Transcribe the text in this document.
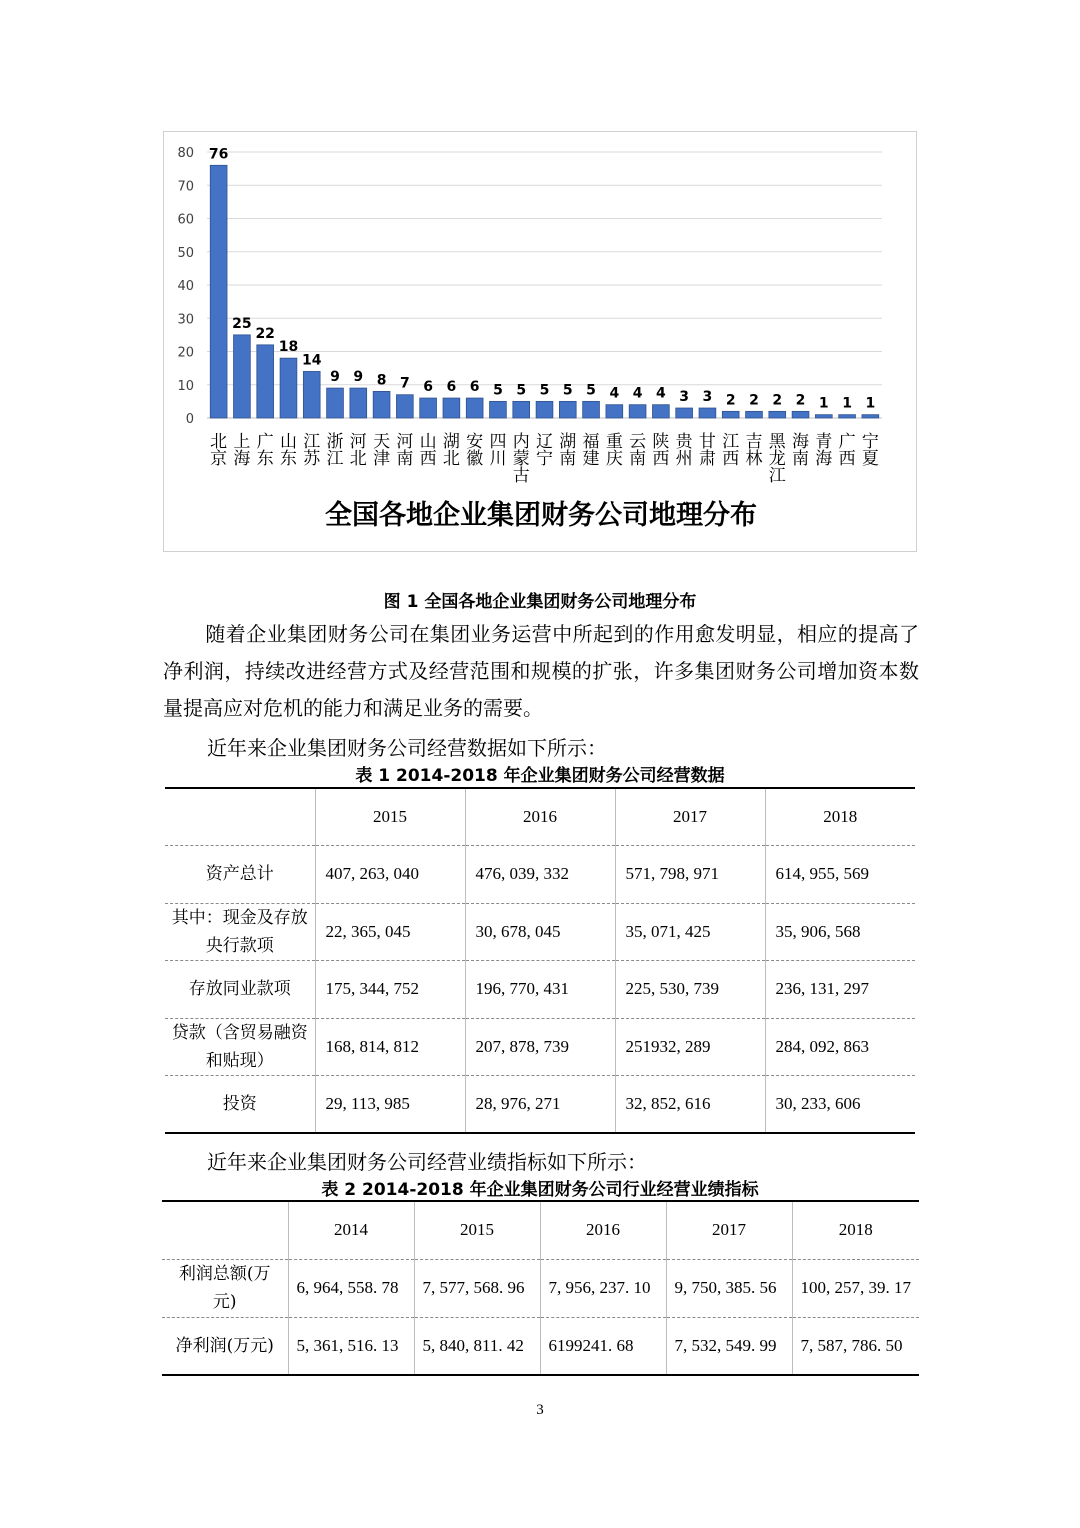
0
10
20
30
40
50
60
70
80 76
北京
25
上海
22
广东
18
山东
14
江苏
9
浙江
9
河北
8
天津
7
河南
6
山西
6
湖北
6
安徽
5
四川
5
内蒙古
5
辽宁
5
湖南
5
福建
4
重庆
4
云南
4
陕西
3
贵州
3
甘肃
2
江西
2
吉林
2
黑龙江
2
海南
1
青海
1
广西
1
宁夏
全国各地企业集团财务公司地理分布
图 1 全国各地企业集团财务公司地理分布
随着企业集团财务公司在集团业务运营中所起到的作用愈发明显，相应的提高了净利润，持续改进经营方式及经营范围和规模的扩张，许多集团财务公司增加资本数量提高应对危机的能力和满足业务的需要。
近年来企业集团财务公司经营数据如下所示：
表 1 2014-2018 年企业集团财务公司经营数据
	2015	2016	2017	2018
资产总计	407, 263, 040	476, 039, 332	571, 798, 971	614, 955, 569
其中：现金及存放央行款项	22, 365, 045	30, 678, 045	35, 071, 425	35, 906, 568
存放同业款项	175, 344, 752	196, 770, 431	225, 530, 739	236, 131, 297
贷款（含贸易融资和贴现）	168, 814, 812	207, 878, 739	251932, 289	284, 092, 863
投资	29, 113, 985	28, 976, 271	32, 852, 616	30, 233, 606
近年来企业集团财务公司经营业绩指标如下所示：
表 2 2014-2018 年企业集团财务公司行业经营业绩指标
	2014	2015	2016	2017	2018
利润总额(万元)	6, 964, 558. 78	7, 577, 568. 96	7, 956, 237. 10	9, 750, 385. 56	100, 257, 39. 17
净利润(万元)	5, 361, 516. 13	5, 840, 811. 42	6199241. 68	7, 532, 549. 99	7, 587, 786. 50
3
